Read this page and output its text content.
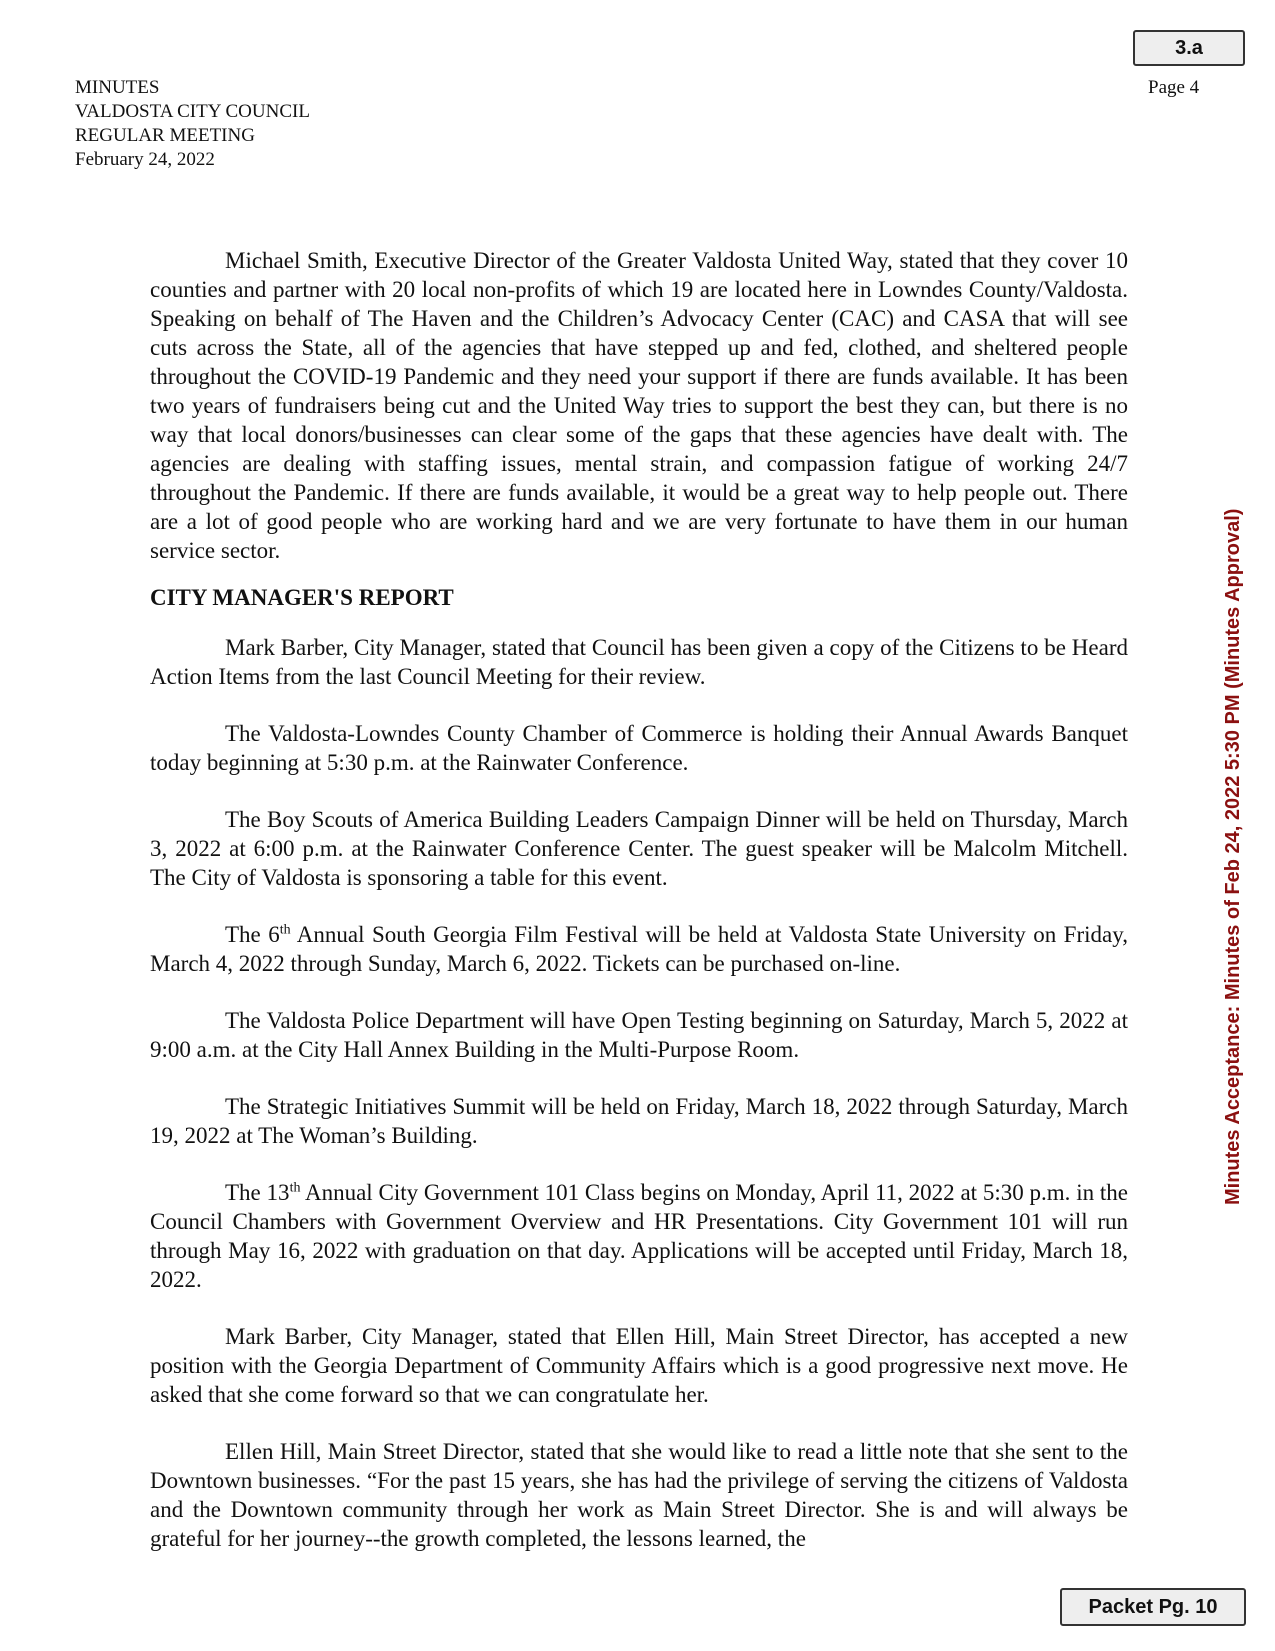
3.a
MINUTES
VALDOSTA CITY COUNCIL
REGULAR MEETING
February 24, 2022
Page 4

Michael Smith, Executive Director of the Greater Valdosta United Way, stated that they cover 10 counties and partner with 20 local non-profits of which 19 are located here in Lowndes County/Valdosta. Speaking on behalf of The Haven and the Children’s Advocacy Center (CAC) and CASA that will see cuts across the State, all of the agencies that have stepped up and fed, clothed, and sheltered people throughout the COVID-19 Pandemic and they need your support if there are funds available. It has been two years of fundraisers being cut and the United Way tries to support the best they can, but there is no way that local donors/businesses can clear some of the gaps that these agencies have dealt with. The agencies are dealing with staffing issues, mental strain, and compassion fatigue of working 24/7 throughout the Pandemic. If there are funds available, it would be a great way to help people out. There are a lot of good people who are working hard and we are very fortunate to have them in our human service sector.

CITY MANAGER'S REPORT

Mark Barber, City Manager, stated that Council has been given a copy of the Citizens to be Heard Action Items from the last Council Meeting for their review.

The Valdosta-Lowndes County Chamber of Commerce is holding their Annual Awards Banquet today beginning at 5:30 p.m. at the Rainwater Conference.

The Boy Scouts of America Building Leaders Campaign Dinner will be held on Thursday, March 3, 2022 at 6:00 p.m. at the Rainwater Conference Center. The guest speaker will be Malcolm Mitchell. The City of Valdosta is sponsoring a table for this event.

The 6th Annual South Georgia Film Festival will be held at Valdosta State University on Friday, March 4, 2022 through Sunday, March 6, 2022. Tickets can be purchased on-line.

The Valdosta Police Department will have Open Testing beginning on Saturday, March 5, 2022 at 9:00 a.m. at the City Hall Annex Building in the Multi-Purpose Room.

The Strategic Initiatives Summit will be held on Friday, March 18, 2022 through Saturday, March 19, 2022 at The Woman’s Building.

The 13th Annual City Government 101 Class begins on Monday, April 11, 2022 at 5:30 p.m. in the Council Chambers with Government Overview and HR Presentations. City Government 101 will run through May 16, 2022 with graduation on that day. Applications will be accepted until Friday, March 18, 2022.

Mark Barber, City Manager, stated that Ellen Hill, Main Street Director, has accepted a new position with the Georgia Department of Community Affairs which is a good progressive next move. He asked that she come forward so that we can congratulate her.

Ellen Hill, Main Street Director, stated that she would like to read a little note that she sent to the Downtown businesses. “For the past 15 years, she has had the privilege of serving the citizens of Valdosta and the Downtown community through her work as Main Street Director. She is and will always be grateful for her journey--the growth completed, the lessons learned, the

Minutes Acceptance: Minutes of Feb 24, 2022 5:30 PM (Minutes Approval)
Packet Pg. 10
